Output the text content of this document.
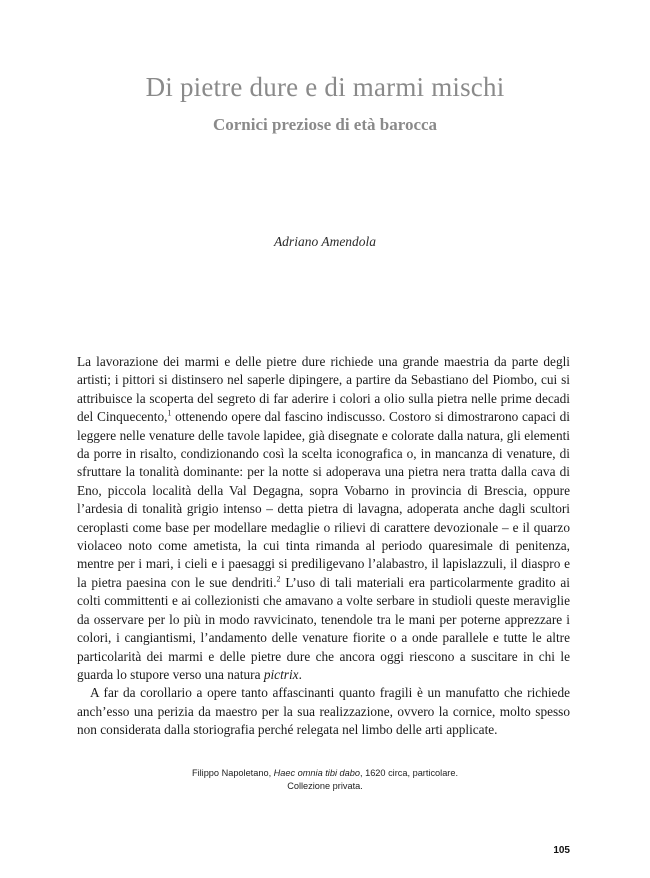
Di pietre dure e di marmi mischi
Cornici preziose di età barocca
Adriano Amendola

La lavorazione dei marmi e delle pietre dure richiede una grande maestria da parte degli artisti; i pittori si distinsero nel saperle dipingere, a partire da Sebastiano del Piombo, cui si attribuisce la scoperta del segreto di far aderire i colori a olio sulla pietra nelle prime decadi del Cinquecento,$^1$ ottenendo opere dal fascino indiscusso. Costoro si dimostrarono capaci di leggere nelle venature delle tavole lapidee, già disegnate e colorate dalla natura, gli elementi da porre in risalto, condizionando così la scelta iconografica o, in mancanza di venature, di sfruttare la tonalità dominante: per la notte si adoperava una pietra nera tratta dalla cava di Eno, piccola località della Val Degagna, sopra Vobarno in provincia di Brescia, oppure l’ardesia di tonalità grigio intenso – detta pietra di lavagna, adoperata anche dagli scultori ceroplasti come base per modellare medaglie o rilievi di carattere devozionale – e il quarzo violaceo noto come ametista, la cui tinta rimanda al periodo quaresimale di penitenza, mentre per i mari, i cieli e i paesaggi si prediligevano l’alabastro, il lapislazzuli, il diaspro e la pietra paesina con le sue dendriti.$^2$ L’uso di tali materiali era particolarmente gradito ai colti committenti e ai collezionisti che amavano a volte serbare in studioli queste meraviglie da osservare per lo più in modo ravvicinato, tenendole tra le mani per poterne apprezzare i colori, i cangiantismi, l’andamento delle venature fiorite o a onde parallele e tutte le altre particolarità dei marmi e delle pietre dure che ancora oggi riescono a suscitare in chi le guarda lo stupore verso una natura pictrix.

A far da corollario a opere tanto affascinanti quanto fragili è un manufatto che richiede anch’esso una perizia da maestro per la sua realizzazione, ovvero la cornice, molto spesso non considerata dalla storiografia perché relegata nel limbo delle arti applicate.

Filippo Napoletano, Haec omnia tibi dabo, 1620 circa, particolare.
Collezione privata.
105
